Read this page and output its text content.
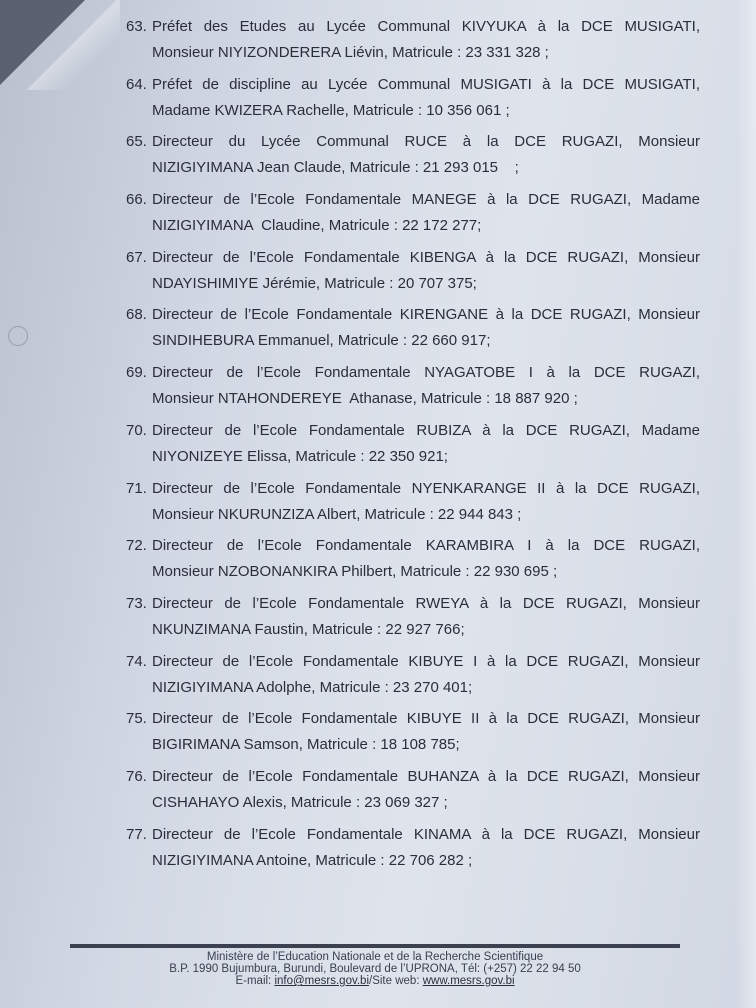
63. Préfet des Etudes au Lycée Communal KIVYUKA à la DCE MUSIGATI,
Monsieur NIYIZONDERERA Liévin, Matricule : 23 331 328 ;
64. Préfet de discipline au Lycée Communal MUSIGATI à la DCE MUSIGATI,
Madame KWIZERA Rachelle, Matricule : 10 356 061 ;
65. Directeur du Lycée Communal RUCE à la DCE RUGAZI, Monsieur
NIZIGIYIMANA Jean Claude, Matricule : 21 293 015    ;
66. Directeur de l’Ecole Fondamentale MANEGE à la DCE RUGAZI, Madame
NIZIGIYIMANA  Claudine, Matricule : 22 172 277;
67. Directeur de l’Ecole Fondamentale KIBENGA à la DCE RUGAZI, Monsieur
NDAYISHIMIYE Jérémie, Matricule : 20 707 375;
68. Directeur de l’Ecole Fondamentale KIRENGANE à la DCE RUGAZI, Monsieur
SINDIHEBURA Emmanuel, Matricule : 22 660 917;
69. Directeur de l’Ecole Fondamentale NYAGATOBE I à la DCE RUGAZI,
Monsieur NTAHONDEREYE  Athanase, Matricule : 18 887 920 ;
70. Directeur de l’Ecole Fondamentale RUBIZA à la DCE RUGAZI, Madame
NIYONIZEYE Elissa, Matricule : 22 350 921;
71. Directeur de l’Ecole Fondamentale NYENKARANGE II à la DCE RUGAZI,
Monsieur NKURUNZIZA Albert, Matricule : 22 944 843 ;
72. Directeur de l’Ecole Fondamentale KARAMBIRA I à la DCE RUGAZI,
Monsieur NZOBONANKIRA Philbert, Matricule : 22 930 695 ;
73. Directeur de l’Ecole Fondamentale RWEYA à la DCE RUGAZI, Monsieur
NKUNZIMANA Faustin, Matricule : 22 927 766;
74. Directeur de l’Ecole Fondamentale KIBUYE I à la DCE RUGAZI, Monsieur
NIZIGIYIMANA Adolphe, Matricule : 23 270 401;
75. Directeur de l’Ecole Fondamentale KIBUYE II à la DCE RUGAZI, Monsieur
BIGIRIMANA Samson, Matricule : 18 108 785;
76. Directeur de l’Ecole Fondamentale BUHANZA à la DCE RUGAZI, Monsieur
CISHAHAYO Alexis, Matricule : 23 069 327 ;
77. Directeur de l’Ecole Fondamentale KINAMA à la DCE RUGAZI, Monsieur
NIZIGIYIMANA Antoine, Matricule : 22 706 282 ;
Ministère de l’Education Nationale et de la Recherche Scientifique
B.P. 1990 Bujumbura, Burundi, Boulevard de l’UPRONA, Tél: (+257) 22 22 94 50
E-mail: info@mesrs.gov.bi/Site web: www.mesrs.gov.bi
